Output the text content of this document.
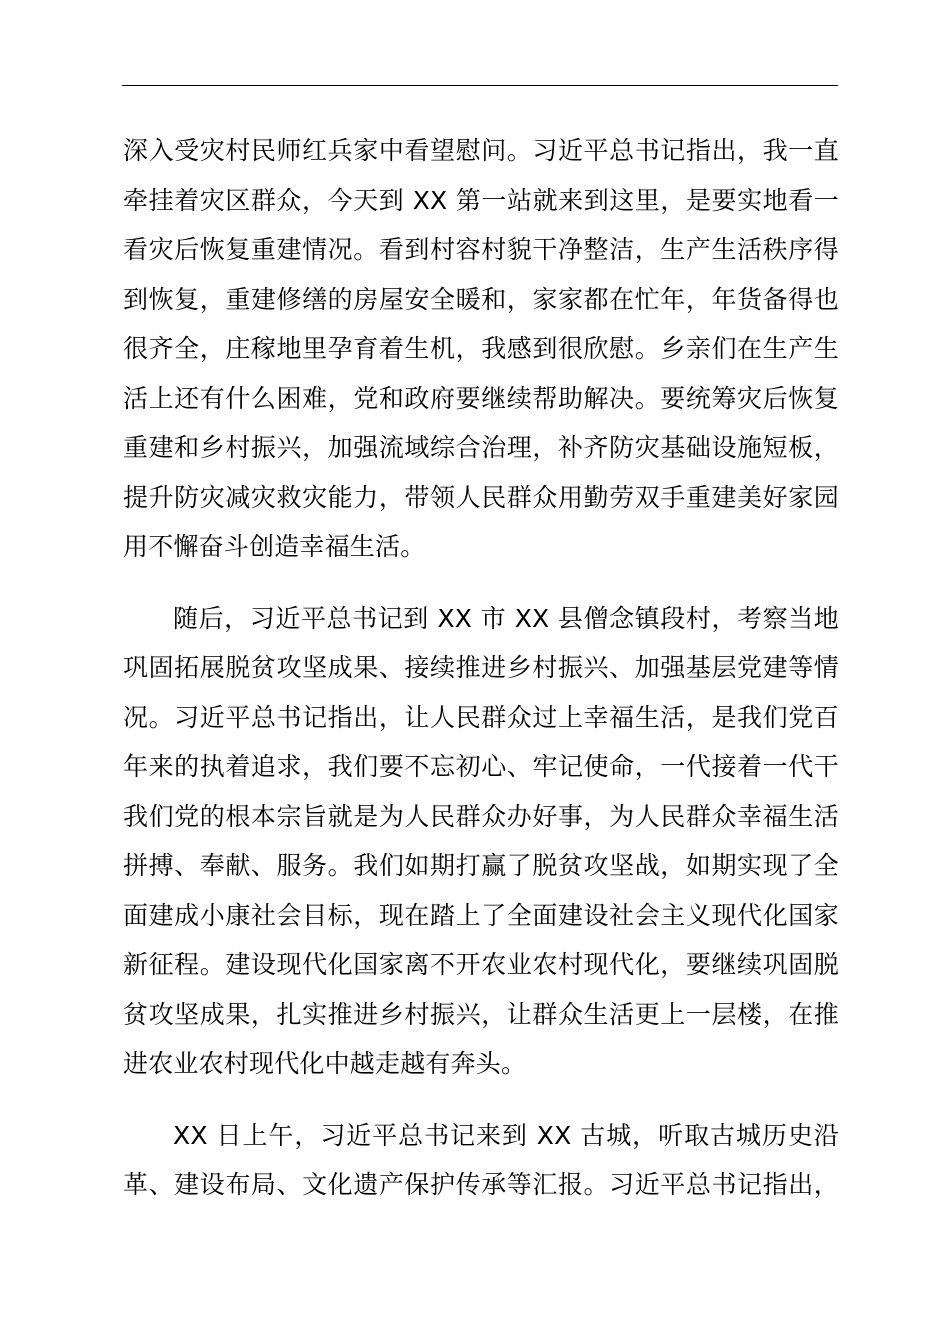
深入受灾村民师红兵家中看望慰问。习近平总书记指出，我一直
牵挂着灾区群众，今天到 XX 第一站就来到这里，是要实地看一
看灾后恢复重建情况。看到村容村貌干净整洁，生产生活秩序得
到恢复，重建修缮的房屋安全暖和，家家都在忙年，年货备得也
很齐全，庄稼地里孕育着生机，我感到很欣慰。乡亲们在生产生
活上还有什么困难，党和政府要继续帮助解决。要统筹灾后恢复
重建和乡村振兴，加强流域综合治理，补齐防灾基础设施短板，
提升防灾减灾救灾能力，带领人民群众用勤劳双手重建美好家园
用不懈奋斗创造幸福生活。
随后，习近平总书记到 XX 市 XX 县僧念镇段村，考察当地
巩固拓展脱贫攻坚成果、接续推进乡村振兴、加强基层党建等情
况。习近平总书记指出，让人民群众过上幸福生活，是我们党百
年来的执着追求，我们要不忘初心、牢记使命，一代接着一代干
我们党的根本宗旨就是为人民群众办好事，为人民群众幸福生活
拼搏、奉献、服务。我们如期打赢了脱贫攻坚战，如期实现了全
面建成小康社会目标，现在踏上了全面建设社会主义现代化国家
新征程。建设现代化国家离不开农业农村现代化，要继续巩固脱
贫攻坚成果，扎实推进乡村振兴，让群众生活更上一层楼，在推
进农业农村现代化中越走越有奔头。
XX 日上午，习近平总书记来到 XX 古城，听取古城历史沿
革、建设布局、文化遗产保护传承等汇报。习近平总书记指出，
